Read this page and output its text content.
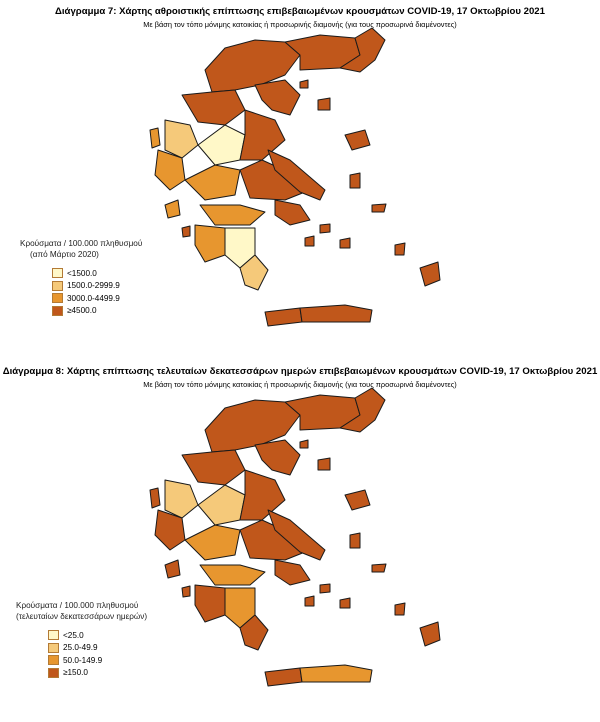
Διάγραμμα 7: Χάρτης αθροιστικής επίπτωσης επιβεβαιωμένων κρουσμάτων COVID-19, 17 Οκτωβρίου 2021
Με βάση τον τόπο μόνιμης κατοικίας ή προσωρινής διαμονής (για τους προσωρινά διαμένοντες)
Κρούσματα / 100.000 πληθυσμού
(από Μάρτιο 2020)
<1500.0
1500.0-2999.9
3000.0-4499.9
≥4500.0
Διάγραμμα 8: Χάρτης επίπτωσης τελευταίων δεκατεσσάρων ημερών επιβεβαιωμένων κρουσμάτων COVID-19, 17 Οκτωβρίου 2021
Με βάση τον τόπο μόνιμης κατοικίας ή προσωρινής διαμονής (για τους προσωρινά διαμένοντες)
Κρούσματα / 100.000 πληθυσμού
(τελευταίων δεκατεσσάρων ημερών)
<25.0
25.0-49.9
50.0-149.9
≥150.0
